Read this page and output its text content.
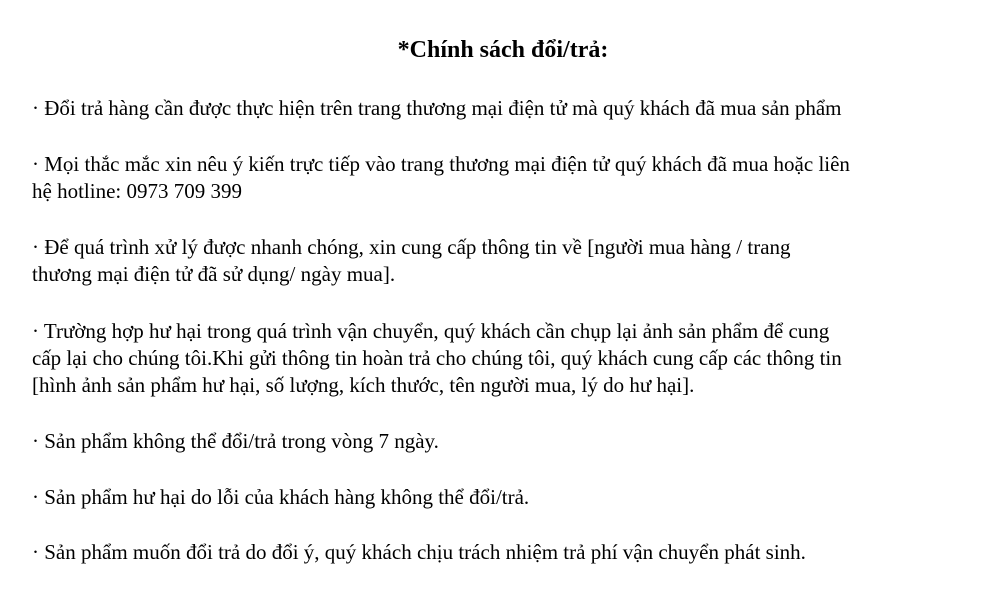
*Chính sách đổi/trả:

· Đổi trả hàng cần được thực hiện trên trang thương mại điện tử mà quý khách đã mua sản phẩm

· Mọi thắc mắc xin nêu ý kiến trực tiếp vào trang thương mại điện tử quý khách đã mua hoặc liên
hệ hotline: 0973 709 399

· Để quá trình xử lý được nhanh chóng, xin cung cấp thông tin về [người mua hàng / trang
thương mại điện tử đã sử dụng/ ngày mua].

· Trường hợp hư hại trong quá trình vận chuyển, quý khách cần chụp lại ảnh sản phẩm để cung
cấp lại cho chúng tôi.Khi gửi thông tin hoàn trả cho chúng tôi, quý khách cung cấp các thông tin
[hình ảnh sản phẩm hư hại, số lượng, kích thước, tên người mua, lý do hư hại].

· Sản phẩm không thể đổi/trả trong vòng 7 ngày.

· Sản phẩm hư hại do lỗi của khách hàng không thể đổi/trả.

· Sản phẩm muốn đổi trả do đổi ý, quý khách chịu trách nhiệm trả phí vận chuyển phát sinh.
